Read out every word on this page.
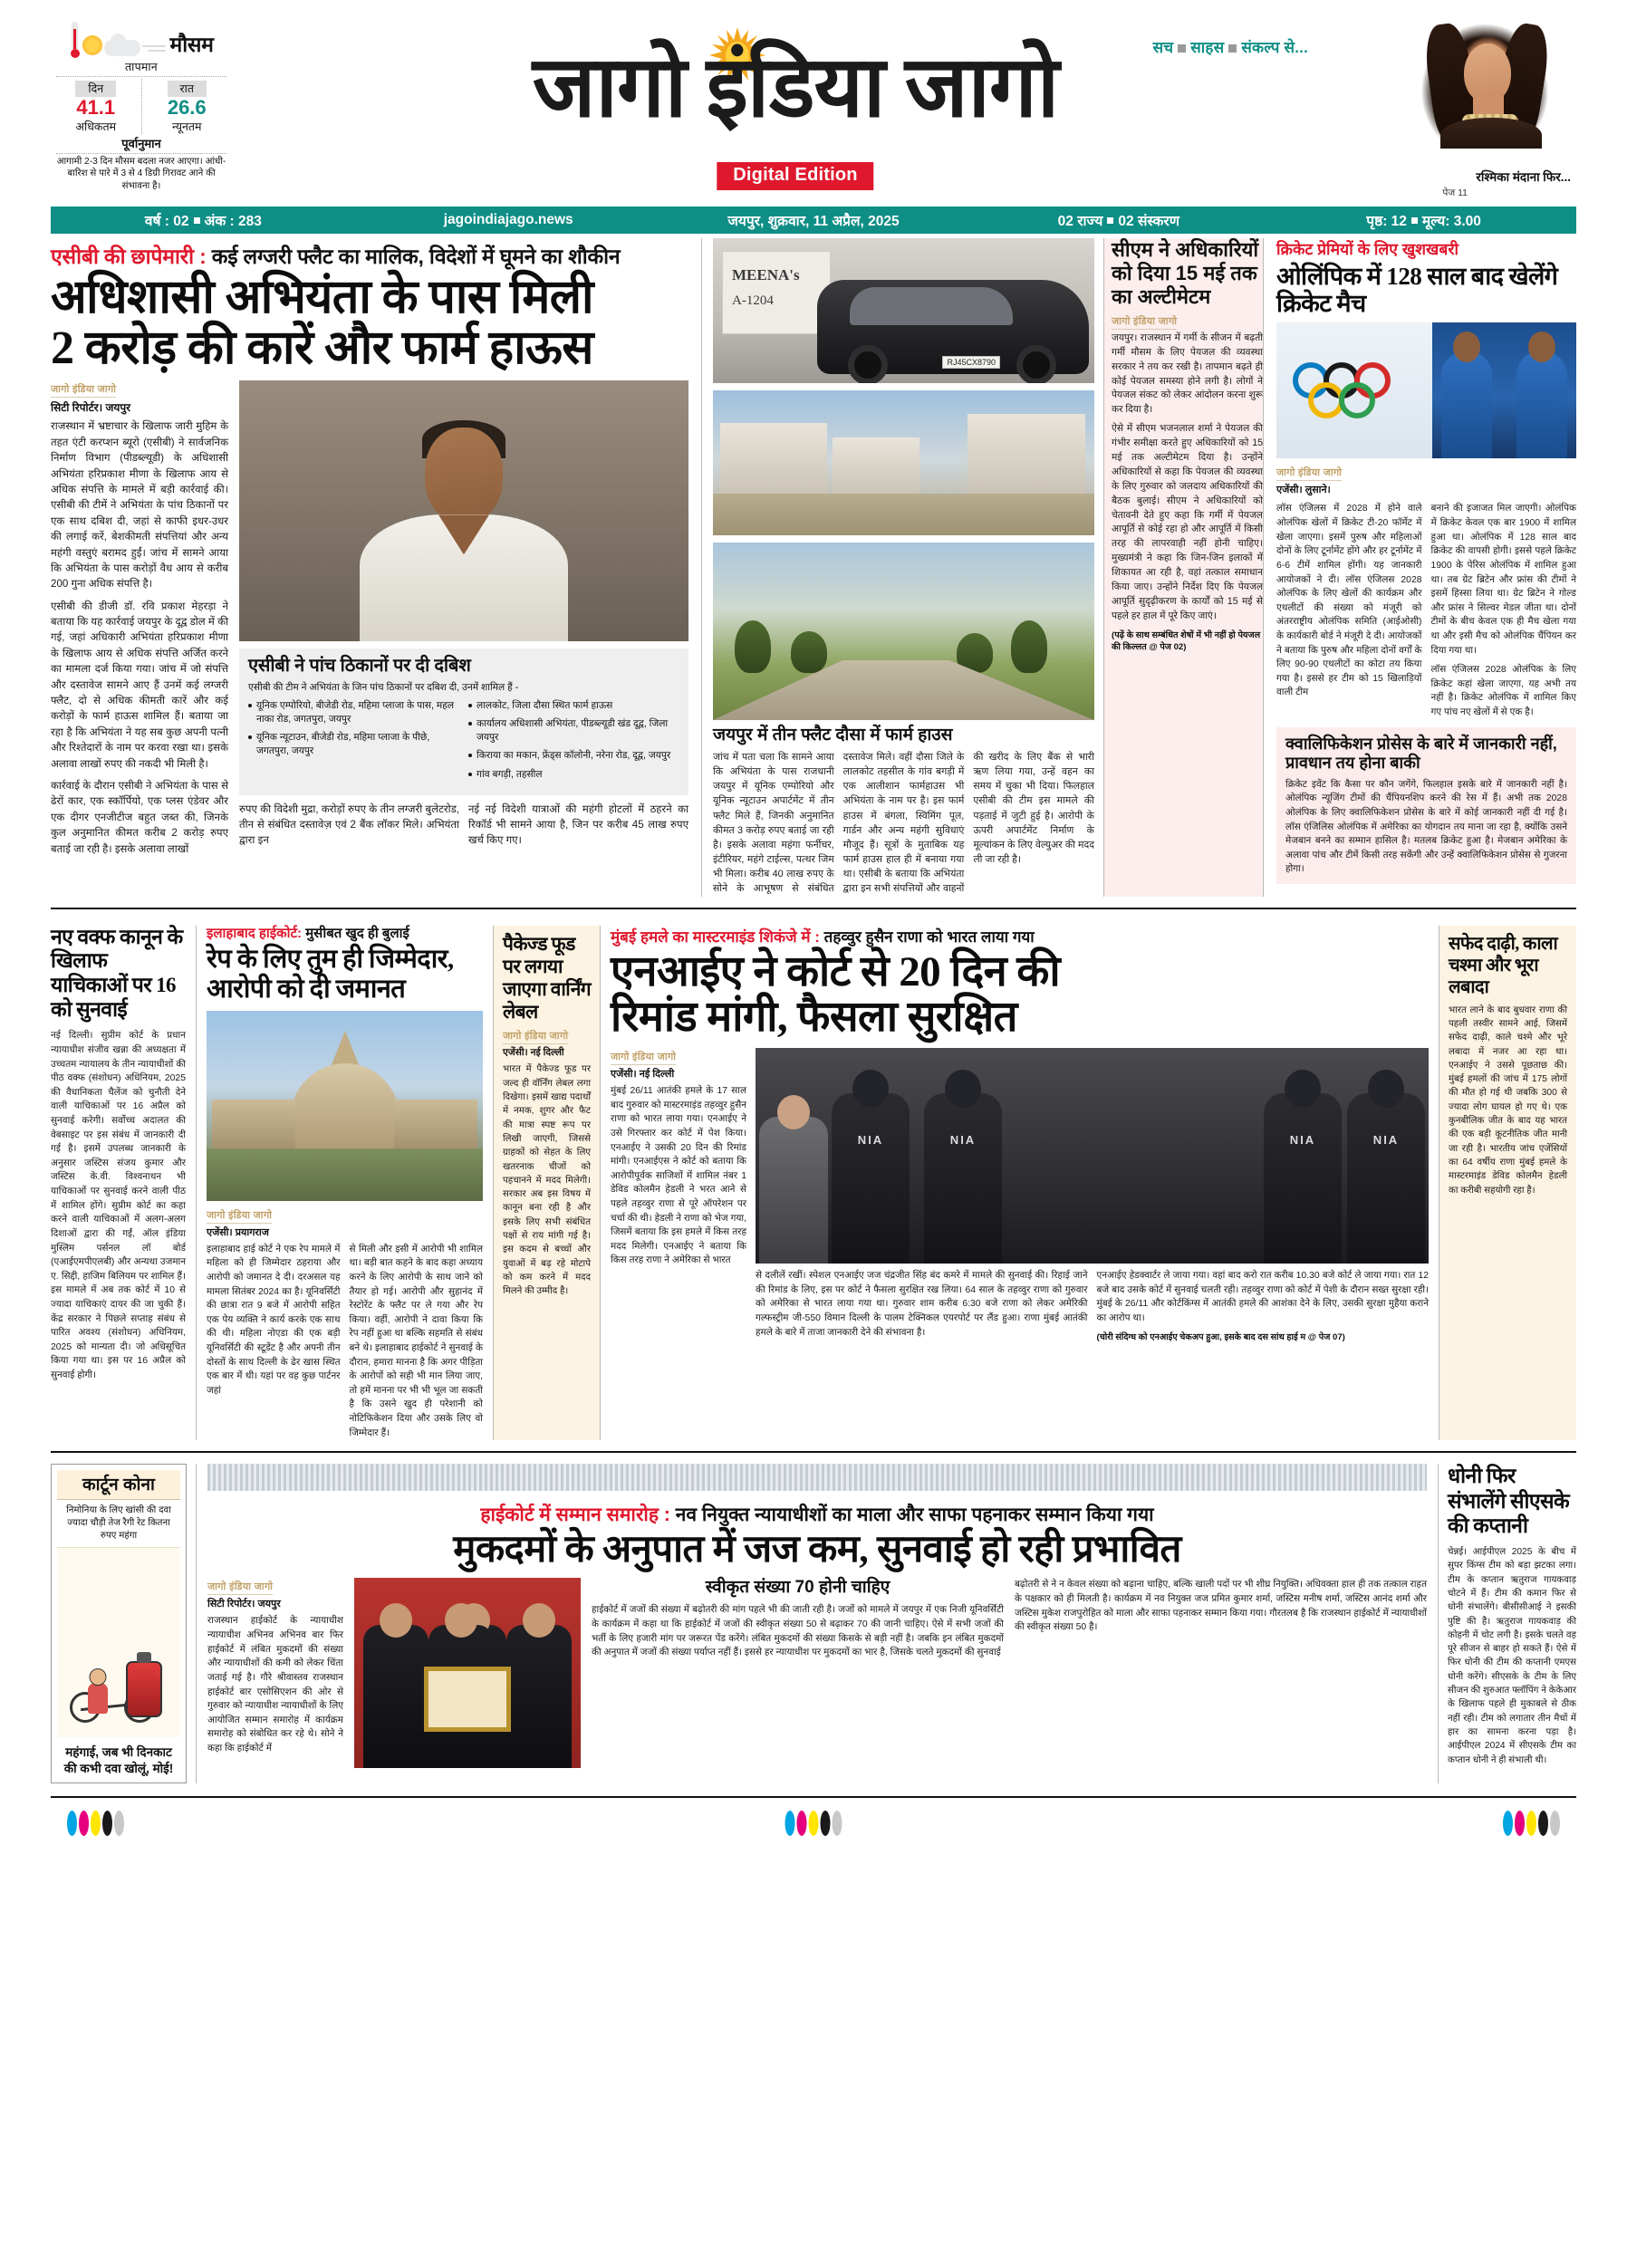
मौसम
तापमान
दिन
41.1
अधिकतम
रात
26.6
न्यूनतम
पूर्वानुमान
आगामी 2-3 दिन मौसम बदला नजर आएगा। आंधी-बारिश से पारे में 3 से 4 डिग्री गिरावट आने की संभावना है।
जागो इंडिया जागो	सच साहस संकल्प से...
Digital Edition	रश्मिका मंदाना फिर...
पेज 11
वर्ष : 02 अंक : 283	jagoindiajago.news	जयपुर, शुक्रवार, 11 अप्रैल, 2025	02 राज्य 02 संस्करण	पृष्ठ: 12 मूल्य: 3.00
एसीबी की छापेमारी : कई लग्जरी फ्लैट का मालिक, विदेशों में घूमने का शौकीन
अधिशासी अभियंता के पास मिली
2 करोड़ की कारें और फार्म हाऊस
जागो इंडिया जागो
सिटी रिपोर्टर। जयपुर
राजस्थान में भ्रष्टाचार के खिलाफ जारी मुहिम के तहत एंटी करप्शन ब्यूरो (एसीबी) ने सार्वजनिक निर्माण विभाग (पीडब्ल्यूडी) के अधिशासी अभियंता हरिप्रकाश मीणा के खिलाफ आय से अधिक संपत्ति के मामले में बड़ी कार्रवाई की। एसीबी की टीमें ने अभियंता के पांच ठिकानों पर एक साथ दबिश दी, जहां से काफी इधर-उधर की लगाई करें, बेशकीमती संपत्तियां और अन्य महंगी वस्तुएं बरामद हुईं। जांच में सामने आया कि अभियंता के पास करोड़ों वैध आय से करीब 200 गुना अधिक संपत्ति है।
एसीबी की डीजी डॉ. रवि प्रकाश मेहरड़ा ने बताया कि यह कार्रवाई जयपुर के दूद्व डोल में की गई, जहां अधिकारी अभियंता हरिप्रकाश मीणा के खिलाफ आय से अधिक संपत्ति अर्जित करने का मामला दर्ज किया गया। जांच में जो संपत्ति और दस्तावेज सामने आए हैं उनमें कई लग्जरी फ्लैट, दो से अधिक कीमती कारें और कई करोड़ों के फार्म हाऊस शामिल हैं। बताया जा रहा है कि अभियंता ने यह सब कुछ अपनी पत्नी और रिश्तेदारों के नाम पर करवा रखा था। इसके अलावा लाखों रुपए की नकदी भी मिली है।
कार्रवाई के दौरान एसीबी ने अभियंता के पास से ढेरों कार, एक स्कॉर्पियो, एक प्लस एंडेवर और एक दीगर एनजीटीज बहुत जब्त की, जिनके कुल अनुमानित कीमत करीब 2 करोड़ रुपए बताई जा रही है। इसके अलावा लाखों
एसीबी ने पांच ठिकानों पर दी दबिश
एसीबी की टीम ने अभियंता के जिन पांच ठिकानों पर दबिश दी, उनमें शामिल हैं -
यूनिक एम्पोरियो, बीजेडी रोड, महिमा प्लाजा के पास, महल नाका रोड, जगतपुरा, जयपुर
यूनिक न्यूटाउन, बीजेडी रोड, महिमा प्लाजा के पीछे, जगतपुरा, जयपुर
लालकोट, जिला दौसा स्थित फार्म हाऊस
कार्यालय अधिशासी अभियंता, पीडब्ल्यूडी खंड दूद्व, जिला जयपुर
किराया का मकान, फ्रेंड्स कॉलोनी, नरेना रोड, दूद्व, जयपुर
गांव बगड़ी, तहसील
रुपए की विदेशी मुद्रा, करोड़ों रुपए के तीन लग्जरी बुलेटरोड, तीन से संबंधित दस्तावेज़ एवं 2 बैंक लॉकर मिले। अभियंता द्वारा इन
नई नई विदेशी यात्राओं की महंगी होटलों में ठहरने का रिकॉर्ड भी सामने आया है, जिन पर करीब 45 लाख रुपए खर्च किए गए।
MEENA's
A-1204
RJ45CX8790
जयपुर में तीन फ्लैट दौसा में फार्म हाउस
जांच में पता चला कि सामने आया कि अभियंता के पास राजधानी जयपुर में यूनिक एम्पोरियो और यूनिक न्यूटाउन अपार्टमेंट में तीन फ्लैट मिले हैं, जिनकी अनुमानित कीमत 3 करोड़ रुपए बताई जा रही है। इसके अलावा महंगा फर्नीचर, इंटीरियर, महंगे टाईल्स, पत्थर जिम भी मिला। करीब 40 लाख रुपए के सोने के आभूषण से संबंधित दस्तावेज मिले। वहीं दौसा जिले के लालकोट तहसील के गांव बगड़ी में एक आलीशान फार्महाउस भी अभियंता के नाम पर है। इस फार्म हाउस में बंगला, स्विमिंग पूल, गार्डन और अन्य महंगी सुविधाएं मौजूद हैं। सूत्रों के मुताबिक यह फार्म हाउस हाल ही में बनाया गया था। एसीबी के बताया कि अभियंता द्वारा इन सभी संपत्तियों और वाहनों की खरीद के लिए बैंक से भारी ऋण लिया गया, उन्हें वहन का समय में चुका भी दिया। फिलहाल एसीबी की टीम इस मामले की पड़ताई में जुटी हुई है। आरोपी के ऊपरी अपार्टमेंट निर्माण के मूल्यांकन के लिए वेल्युअर की मदद ली जा रही है।
सीएम ने अधिकारियों को दिया 15 मई तक का अल्टीमेटम
जागो इंडिया जागो
जयपुर। राजस्थान में गर्मी के सीजन में बढ़ती गर्मी मौसम के लिए पेयजल की व्यवस्था सरकार ने तय कर रखी है। तापमान बढ़ते ही कोई पेयजल समस्या होने लगी है। लोगों ने पेयजल संकट को लेकर आंदोलन करना शुरू कर दिया है।
ऐसे में सीएम भजनलाल शर्मा ने पेयजल की गंभीर समीक्षा करते हुए अधिकारियों को 15 मई तक अल्टीमेटम दिया है। उन्होंने अधिकारियों से कहा कि पेयजल की व्यवस्था के लिए गुरुवार को जलदाय अधिकारियों की बैठक बुलाई। सीएम ने अधिकारियों को चेतावनी देते हुए कहा कि गर्मी में पेयजल आपूर्ति से कोई रहा हो और आपूर्ति में किसी तरह की लापरवाही नहीं होनी चाहिए। मुख्यमंत्री ने कहा कि जिन-जिन इलाकों में शिकायत आ रही है, वहां तत्काल समाधान किया जाए। उन्होंने निर्देश दिए कि पेयजल आपूर्ति सुदृढ़ीकरण के कार्यों को 15 मई से पहले हर हाल में पूरे किए जाएं।
(पढ़ें के साथ सम्बंधित शेषों में भी नहीं हो पेयजल की किल्लत @ पेज 02)
क्रिकेट प्रेमियों के लिए खुशखबरी
ओलिंपिक में 128 साल बाद खेलेंगे क्रिकेट मैच
जागो इंडिया जागो
एजेंसी। लुसाने।
लॉस एंजिलस में 2028 में होने वाले ओलंपिक खेलों में क्रिकेट टी-20 फॉर्मेट में खेला जाएगा। इसमें पुरुष और महिलाओं दोनों के लिए टूर्नामेंट होंगे और हर टूर्नामेंट में 6-6 टीमें शामिल होंगी। यह जानकारी आयोजकों ने दी। लॉस एंजिलस 2028 ओलंपिक के लिए खेलों की कार्यक्रम और एथलीटों की संख्या को मंजूरी को अंतरराष्ट्रीय ओलंपिक समिति (आईओसी) के कार्यकारी बोर्ड ने मंजूरी दे दी। आयोजकों ने बताया कि पुरुष और महिला दोनों वर्गों के लिए 90-90 एथलीटों का कोटा तय किया गया है। इससे हर टीम को 15 खिलाड़ियों वाली टीम
बनाने की इजाजत मिल जाएगी। ओलंपिक में क्रिकेट केवल एक बार 1900 में शामिल हुआ था। ओलंपिक में 128 साल बाद क्रिकेट की वापसी होगी। इससे पहले क्रिकेट 1900 के पेरिस ओलंपिक में शामिल हुआ था। तब ग्रेट ब्रिटेन और फ्रांस की टीमों ने इसमें हिस्सा लिया था। ग्रेट ब्रिटेन ने गोल्ड और फ्रांस ने सिल्वर मेडल जीता था। दोनों टीमों के बीच केवल एक ही मैच खेला गया था और इसी मैच को ओलंपिक चैंपियन कर दिया गया था।
लॉस एंजिलस 2028 ओलंपिक के लिए क्रिकेट कहां खेला जाएगा, यह अभी तय नहीं है। क्रिकेट ओलंपिक में शामिल किए गए पांच नए खेलों में से एक है।
क्वालिफिकेशन प्रोसेस के बारे में जानकारी नहीं, प्रावधान तय होना बाकी
क्रिकेट इवेंट कि कैसा पर कौन जगेंगे, फिलहाल इसके बारे में जानकारी नहीं है। ओलंपिक न्यूजिंग टीमों की चैंपियनशिप करने की रेस में हैं। अभी तक 2028 ओलंपिक के लिए क्वालिफिकेशन प्रोसेस के बारे में कोई जानकारी नहीं दी गई है। लॉस एंजिलिस ओलंपिक में अमेरिका का योगदान तय माना जा रहा है, क्योंकि उसने मेजबान बनने का सम्मान हासिल है। मतलब क्रिकेट हुआ है। मेजबान अमेरिका के अलावा पांच और टीमें किसी तरह सकेंगी और उन्हें क्वालिफिकेशन प्रोसेस से गुजरना होगा।
नए वक्फ कानून के खिलाफ याचिकाओं पर 16 को सुनवाई
नई दिल्ली। सुप्रीम कोर्ट के प्रधान न्यायाधीश संजीव खन्ना की अध्यक्षता में उच्चतम न्यायालय के तीन न्यायाधीशों की पीठ वक्फ (संशोधन) अधिनियम, 2025 की वैधानिकता चैलेंज को चुनौती देने वाली याचिकाओं पर 16 अप्रैल को सुनवाई करेगी। सर्वोच्च अदालत की वेबसाइट पर इस संबंध में जानकारी दी गई है। इसमें उपलब्ध जानकारी के अनुसार जस्टिस संजय कुमार और जस्टिस के.वी. विश्वनाथन भी याचिकाओं पर सुनवाई करने वाली पीठ में शामिल होंगे। सुप्रीम कोर्ट का कहा करने वाली याचिकाओं में अलग-अलग दिशाओं द्वारा की गईं, ऑल इंडिया मुस्लिम पर्सनल लॉ बोर्ड (एआईएमपीएलबी) और अन्यथा उजमान ए. सिद्दी, हाजिम बिलियम पर शामिल हैं। इस मामले में अब तक कोर्ट में 10 से ज्यादा याचिकाएं दायर की जा चुकी हैं। केंद्र सरकार ने पिछले सप्ताह संबंध से पारित अवश्य (संशोधन) अधिनियम, 2025 को मान्यता दी। जो अधिसूचित किया गया था। इस पर 16 अप्रैल को सुनवाई होगी।
इलाहाबाद हाईकोर्ट: मुसीबत खुद ही बुलाई
रेप के लिए तुम ही जिम्मेदार, आरोपी को दी जमानत
जागो इंडिया जागो
एजेंसी। प्रयागराज
इलाहाबाद हाई कोर्ट ने एक रेप मामले में महिला को ही जिम्मेदार ठहराया और आरोपी को जमानत दे दी। दरअसल यह मामला सितंबर 2024 का है। यूनिवर्सिटी की छात्रा रात 9 बजे में आरोपी सहित एक पेय व्यक्ति ने कार्य करके एक साथ की थी। महिला नोएडा की एक बड़ी यूनिवर्सिटी की स्टूडेंट है और अपनी तीन दोस्तों के साथ दिल्ली के ढेर खास स्थित एक बार में थी। यहां पर वह कुछ पार्टनर जहां
से मिली और इसी में आरोपी भी शामिल था। बड़ी बात कहने के बाद कहा अध्याय करने के लिए आरोपी के साथ जाने को तैयार हो गई। आरोपी और सुहानंद में रेस्टोरेंट के फ्लैट पर ले गया और रेप किया। वहीं, आरोपी ने दावा किया कि रेप नहीं हुआ था बल्कि सहमति से संबंध बने थे। इलाहाबाद हाईकोर्ट ने सुनवाई के दौरान, हमारा मानना है कि अगर पीड़िता के आरोपों को सही भी मान लिया जाए, तो हमें मानना पर भी भी भूल जा सकती है कि उसने खुद ही परेशानी को नोटिफिकेशन दिया और उसके लिए वो जिम्मेदार हैं।
पैकेज्ड फूड पर लगया जाएगा वार्निंग लेबल
जागो इंडिया जागो
एजेंसी। नई दिल्ली
भारत में पैकेज्ड फूड पर जल्द ही वॉर्निंग लेबल लगा दिखेगा। इसमें खाद्य पदार्थों में नमक, शुगर और फैट की मात्रा स्पष्ट रूप पर लिखी जाएगी, जिससे ग्राहकों को सेहत के लिए खतरनाक चीजों को पहचानने में मदद मिलेगी। सरकार अब इस विषय में कानून बना रही है और इसके लिए सभी संबंधित पक्षों से राय मांगी गई है। इस कदम से बच्चों और युवाओं में बढ़ रहे मोटापे को कम करने में मदद मिलने की उम्मीद है।
मुंबई हमले का मास्टरमाइंड शिकंजे में : तहव्वुर हुसैन राणा को भारत लाया गया
एनआईए ने कोर्ट से 20 दिन की
रिमांड मांगी, फैसला सुरक्षित
जागो इंडिया जागो
एजेंसी। नई दिल्ली
मुंबई 26/11 आतंकी हमले के 17 साल बाद गुरुवार को मास्टरमाइंड तहव्वुर हुसैन राणा को भारत लाया गया। एनआईए ने उसे गिरफ्तार कर कोर्ट में पेश किया। एनआईए ने उसकी 20 दिन की रिमांड मांगी। एनआईएस ने कोर्ट को बताया कि आरोपीपूर्वक साजिशों में शामिल नंबर 1 डेविड कोलमैन हेडली ने भरत आने से पहले तहव्वुर राणा से पूरे ऑपरेशन पर चर्चा की थी। हेडली ने राणा को भेज गया, जिसमें बताया कि इस हमले में किस तरह मदद मिलेगी। एनआईए ने बताया कि किस तरह राणा ने अमेरिका से भारत
NIA	NIA	NIA	NIA
से दलीलें रखीं। स्पेशल एनआईए जज चंद्रजीत सिंह बंद कमरे में मामले की सुनवाई की। रिहाई जाने की रिमांड के लिए, इस पर कोर्ट ने फैसला सुरक्षित रख लिया। 64 साल के तहव्वुर राणा को गुरुवार को अमेरिका से भारत लाया गया था। गुरुवार शाम करीब 6:30 बजे राणा को लेकर अमेरिकी गल्फस्ट्रीम जी-550 विमान दिल्ली के पालम टेक्निकल एयरपोर्ट पर लैंड हुआ। राणा मुंबई आतंकी हमले के बारे में ताजा जानकारी देने की संभावना है।
एनआईए हेडक्वार्टर ले जाया गया। वहां बाद करो रात करीब 10.30 बजे कोर्ट ले जाया गया। रात 12 बजे बाद उसके कोर्ट में सुनवाई चलती रही। तहव्वुर राणा को कोर्ट में पेशी के दौरान सख्त सुरक्षा रही। मुंबई के 26/11 और कोर्टकिंग्स में आतंकी हमले की आशंका देने के लिए, उसकी सुरक्षा मुहैया कराने का आरोप था।
(चोरी संदिग्ध को एनआईए चेकअप हुआ, इसके बाद दस सांथ हाई म @ पेज 07)
सफेद दाढ़ी, काला चश्मा और भूरा लबादा
भारत लाने के बाद बुधवार राणा की पहली तस्वीर सामने आई, जिसमें सफेद दाढ़ी, काले चश्मे और भूरे लबादा में नजर आ रहा था। एनआईए ने उससे पूछताछ की। मुंबई हमलों की जांच में 175 लोगों की मौत हो गई थी जबकि 300 से ज्यादा लोग घायल हो गए थे। एक कुनबीलिक जीत के बाद यह भारत की एक बड़ी कूटनीतिक जीत मानी जा रही है। भारतीय जांच एजेंसियों का 64 वर्षीय राणा मुंबई हमले के मास्टरमाइंड डेविड कोलमैन हेडली का करीबी सहयोगी रहा है।
कार्टून कोना
निमोनिया के लिए खांसी की दवा ज्यादा चौड़ी तेज रैगी रेट कितना रुपए महंगा
महंगाई, जब भी दिनकाट की कभी दवा खोलूं, मोई!
हाईकोर्ट में सम्मान समारोह : नव नियुक्त न्यायाधीशों का माला और साफा पहनाकर सम्मान किया गया
मुकदमों के अनुपात में जज कम, सुनवाई हो रही प्रभावित
जागो इंडिया जागो
सिटी रिपोर्टर। जयपुर
राजस्थान हाईकोर्ट के न्यायाधीश न्यायाधीश अभिनव अभिनव बार फिर हाईकोर्ट में लंबित मुकदमों की संख्या और न्यायाधीशों की कमी को लेकर चिंता जताई गई है। गौरे श्रीवास्तव राजस्थान हाईकोर्ट बार एसोसिएशन की ओर से गुरुवार को न्यायाधीश न्यायाधीशों के लिए आयोजित सम्मान समारोह में कार्यक्रम समारोह को संबोधित कर रहे थे। सोने ने कहा कि हाईकोर्ट में
स्वीकृत संख्या 70 होनी चाहिए
हाईकोर्ट में जजों की संख्या में बढ़ोतरी की मांग पहले भी की जाती रही है। जजों को मामले में जयपुर में एक निजी यूनिवर्सिटी के कार्यक्रम में कहा था कि हाईकोर्ट में जजों की स्वीकृत संख्या 50 से बढ़ाकर 70 की जानी चाहिए। ऐसे में सभी जजों की भर्ती के लिए हजारी मांग पर जरूरत पेंड करेंगे। लंबित मुकदमों की संख्या किसके से बड़ी नहीं है। जबकि इन लंबित मुकदमों की अनुपात में जजों की संख्या पर्याप्त नहीं हैं। इससे हर न्यायाधीश पर मुकदमों का भार है, जिसके चलते मुकदमों की सुनवाई
बढ़ोतरी से ने न केवल संख्या को बढ़ाना चाहिए, बल्कि खाली पदों पर भी शीघ्र नियुक्ति। अधिवक्ता हाल ही तक तत्काल राहत के पक्षकार को ही मिलती है। कार्यक्रम में नव नियुक्त जज प्रमित कुमार शर्मा, जस्टिस मनीष शर्मा, जस्टिस आनंद शर्मा और जस्टिस मुकेश राजपुरोहित को माला और साफा पहनाकर सम्मान किया गया। गौरतलब है कि राजस्थान हाईकोर्ट में न्यायाधीशों की स्वीकृत संख्या 50 है।
धोनी फिर संभालेंगे सीएसके की कप्तानी
चेन्नई। आईपीएल 2025 के बीच में सुपर किंग्स टीम को बड़ा झटका लगा। टीम के कप्तान ऋतुराज गायकवाड़ चोटने में हैं। टीम की कमान फिर से धोनी संभालेंगे। बीसीसीआई ने इसकी पुष्टि की है। ऋतुराज गायकवाड़ की कोहनी में चोट लगी है। इसके चलते वह पूरे सीजन से बाहर हो सकते हैं। ऐसे में फिर धोनी की टीम की कप्तानी एमएस धोनी करेंगे। सीएसके के टीम के लिए सीजन की शुरुआत फ्लॉपिंग ने केकेआर के खिलाफ पहले ही मुकाबले से ठीक नहीं रही। टीम को लगातार तीन मैचों में हार का सामना करना पड़ा है। आईपीएल 2024 में सीएसके टीम का कप्तान धोनी ने ही संभाली थी।
